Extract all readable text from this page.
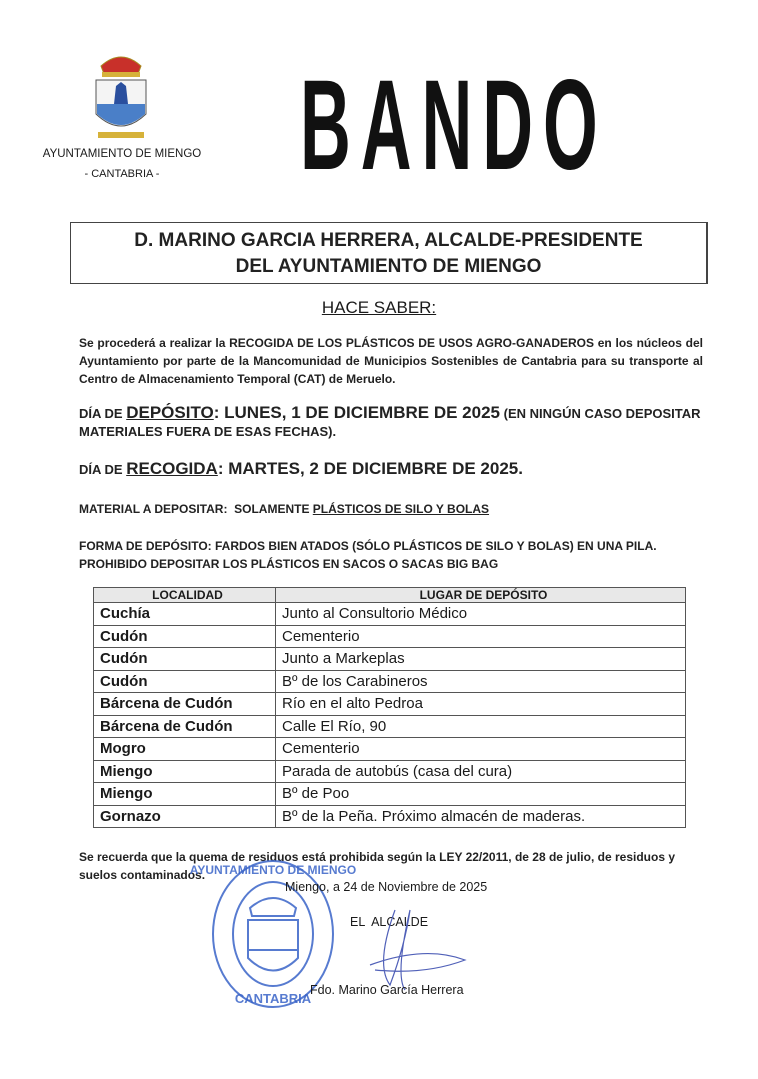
AYUNTAMIENTO DE MIENGO
- CANTABRIA -	BANDO
D. MARINO GARCIA HERRERA, ALCALDE-PRESIDENTE
DEL AYUNTAMIENTO DE MIENGO
HACE SABER:
Se procederá a realizar la RECOGIDA DE LOS PLÁSTICOS DE USOS AGRO-GANADEROS en los núcleos del Ayuntamiento por parte de la Mancomunidad de Municipios Sostenibles de Cantabria para su transporte al Centro de Almacenamiento Temporal (CAT) de Meruelo.
DÍA DE DEPÓSITO: LUNES, 1 DE DICIEMBRE DE 2025 (EN NINGÚN CASO DEPOSITAR MATERIALES FUERA DE ESAS FECHAS).
DÍA DE RECOGIDA: MARTES, 2 DE DICIEMBRE DE 2025.
MATERIAL A DEPOSITAR:  SOLAMENTE PLÁSTICOS DE SILO Y BOLAS
FORMA DE DEPÓSITO: FARDOS BIEN ATADOS (SÓLO PLÁSTICOS DE SILO Y BOLAS) EN UNA PILA.
PROHIBIDO DEPOSITAR LOS PLÁSTICOS EN SACOS O SACAS BIG BAG
LOCALIDAD	LUGAR DE DEPÓSITO
Cuchía	Junto al Consultorio Médico
Cudón	Cementerio
Cudón	Junto a Markeplas
Cudón	Bº de los Carabineros
Bárcena de Cudón	Río en el alto Pedroa
Bárcena de Cudón	Calle El Río, 90
Mogro	Cementerio
Miengo	Parada de autobús (casa del cura)
Miengo	Bº de Poo
Gornazo	Bº de la Peña. Próximo almacén de maderas.
Se recuerda que la quema de residuos está prohibida según la LEY 22/2011, de 28 de julio, de residuos y suelos contaminados.
AYUNTAMIENTO DE MIENGO
CANTABRIA
Miengo, a 24 de Noviembre de 2025
EL  ALCALDE
Fdo. Marino García Herrera
